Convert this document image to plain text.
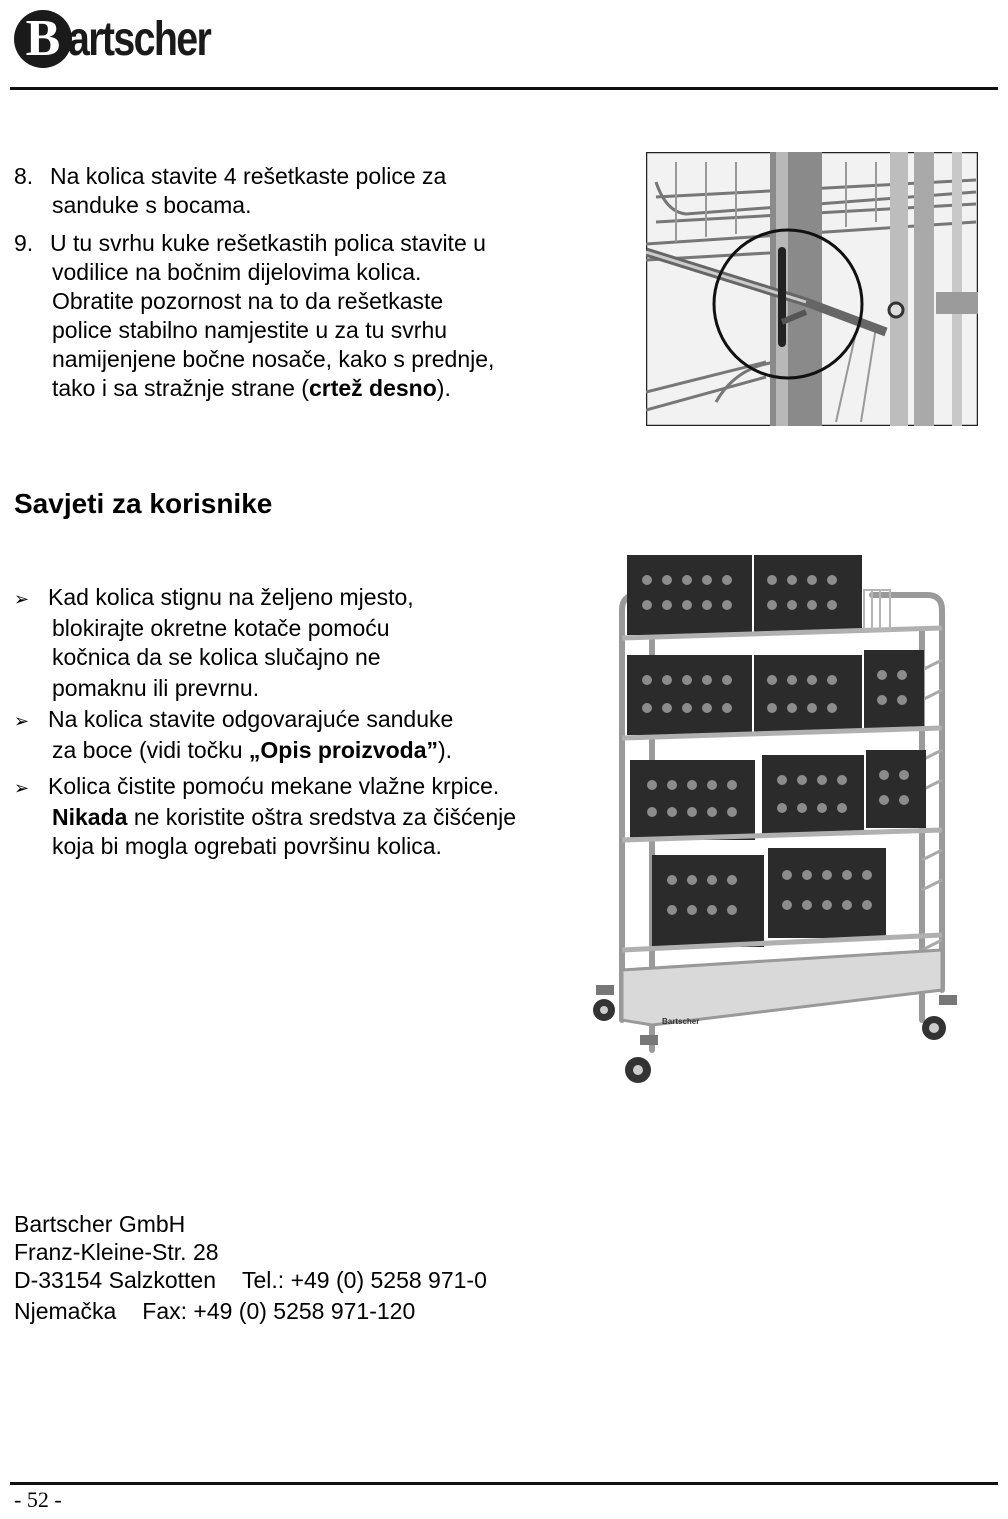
B artscher
8. Na kolica stavite 4 rešetkaste police za
sanduke s bocama.
9. U tu svrhu kuke rešetkastih polica stavite u
vodilice na bočnim dijelovima kolica.
Obratite pozornost na to da rešetkaste
police stabilno namjestite u za tu svrhu
namijenjene bočne nosače, kako s prednje,
tako i sa stražnje strane (crtež desno).
Savjeti za korisnike
➢ Kad kolica stignu na željeno mjesto,
blokirajte okretne kotače pomoću
kočnica da se kolica slučajno ne
pomaknu ili prevrnu.
➢ Na kolica stavite odgovarajuće sanduke
za boce (vidi točku „Opis proizvoda”).
➢ Kolica čistite pomoću mekane vlažne krpice.
Nikada ne koristite oštra sredstva za čišćenje
koja bi mogla ogrebati površinu kolica.
Bartscher
Bartscher GmbH
Franz-Kleine-Str. 28
D-33154 Salzkotten Tel.: +49 (0) 5258 971-0
Njemačka Fax: +49 (0) 5258 971-120
- 52 -
